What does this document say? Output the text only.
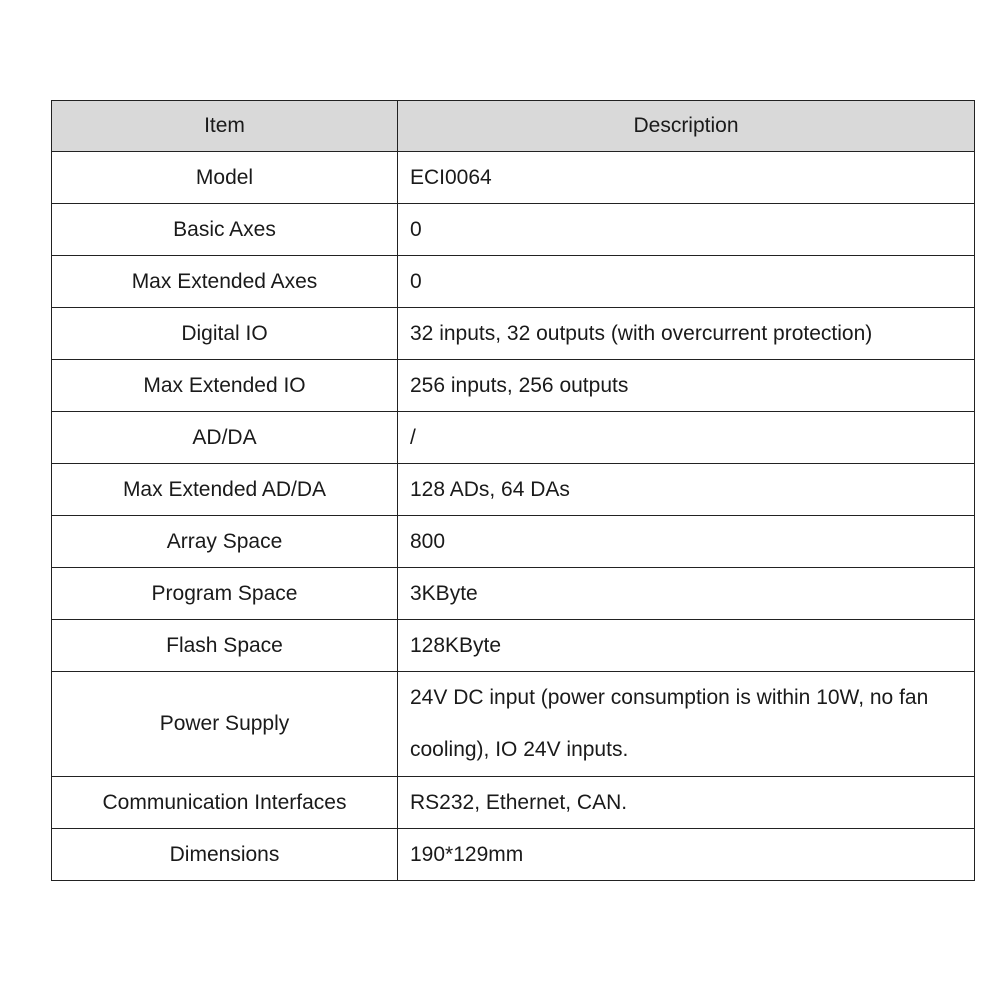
Item	Description
Model	ECI0064
Basic Axes	0
Max Extended Axes	0
Digital IO	32 inputs, 32 outputs (with overcurrent protection)
Max Extended IO	256 inputs, 256 outputs
AD/DA	/
Max Extended AD/DA	128 ADs, 64 DAs
Array Space	800
Program Space	3KByte
Flash Space	128KByte
Power Supply	24V DC input (power consumption is within 10W, no fan cooling), IO 24V inputs.
Communication Interfaces	RS232, Ethernet, CAN.
Dimensions	190*129mm
